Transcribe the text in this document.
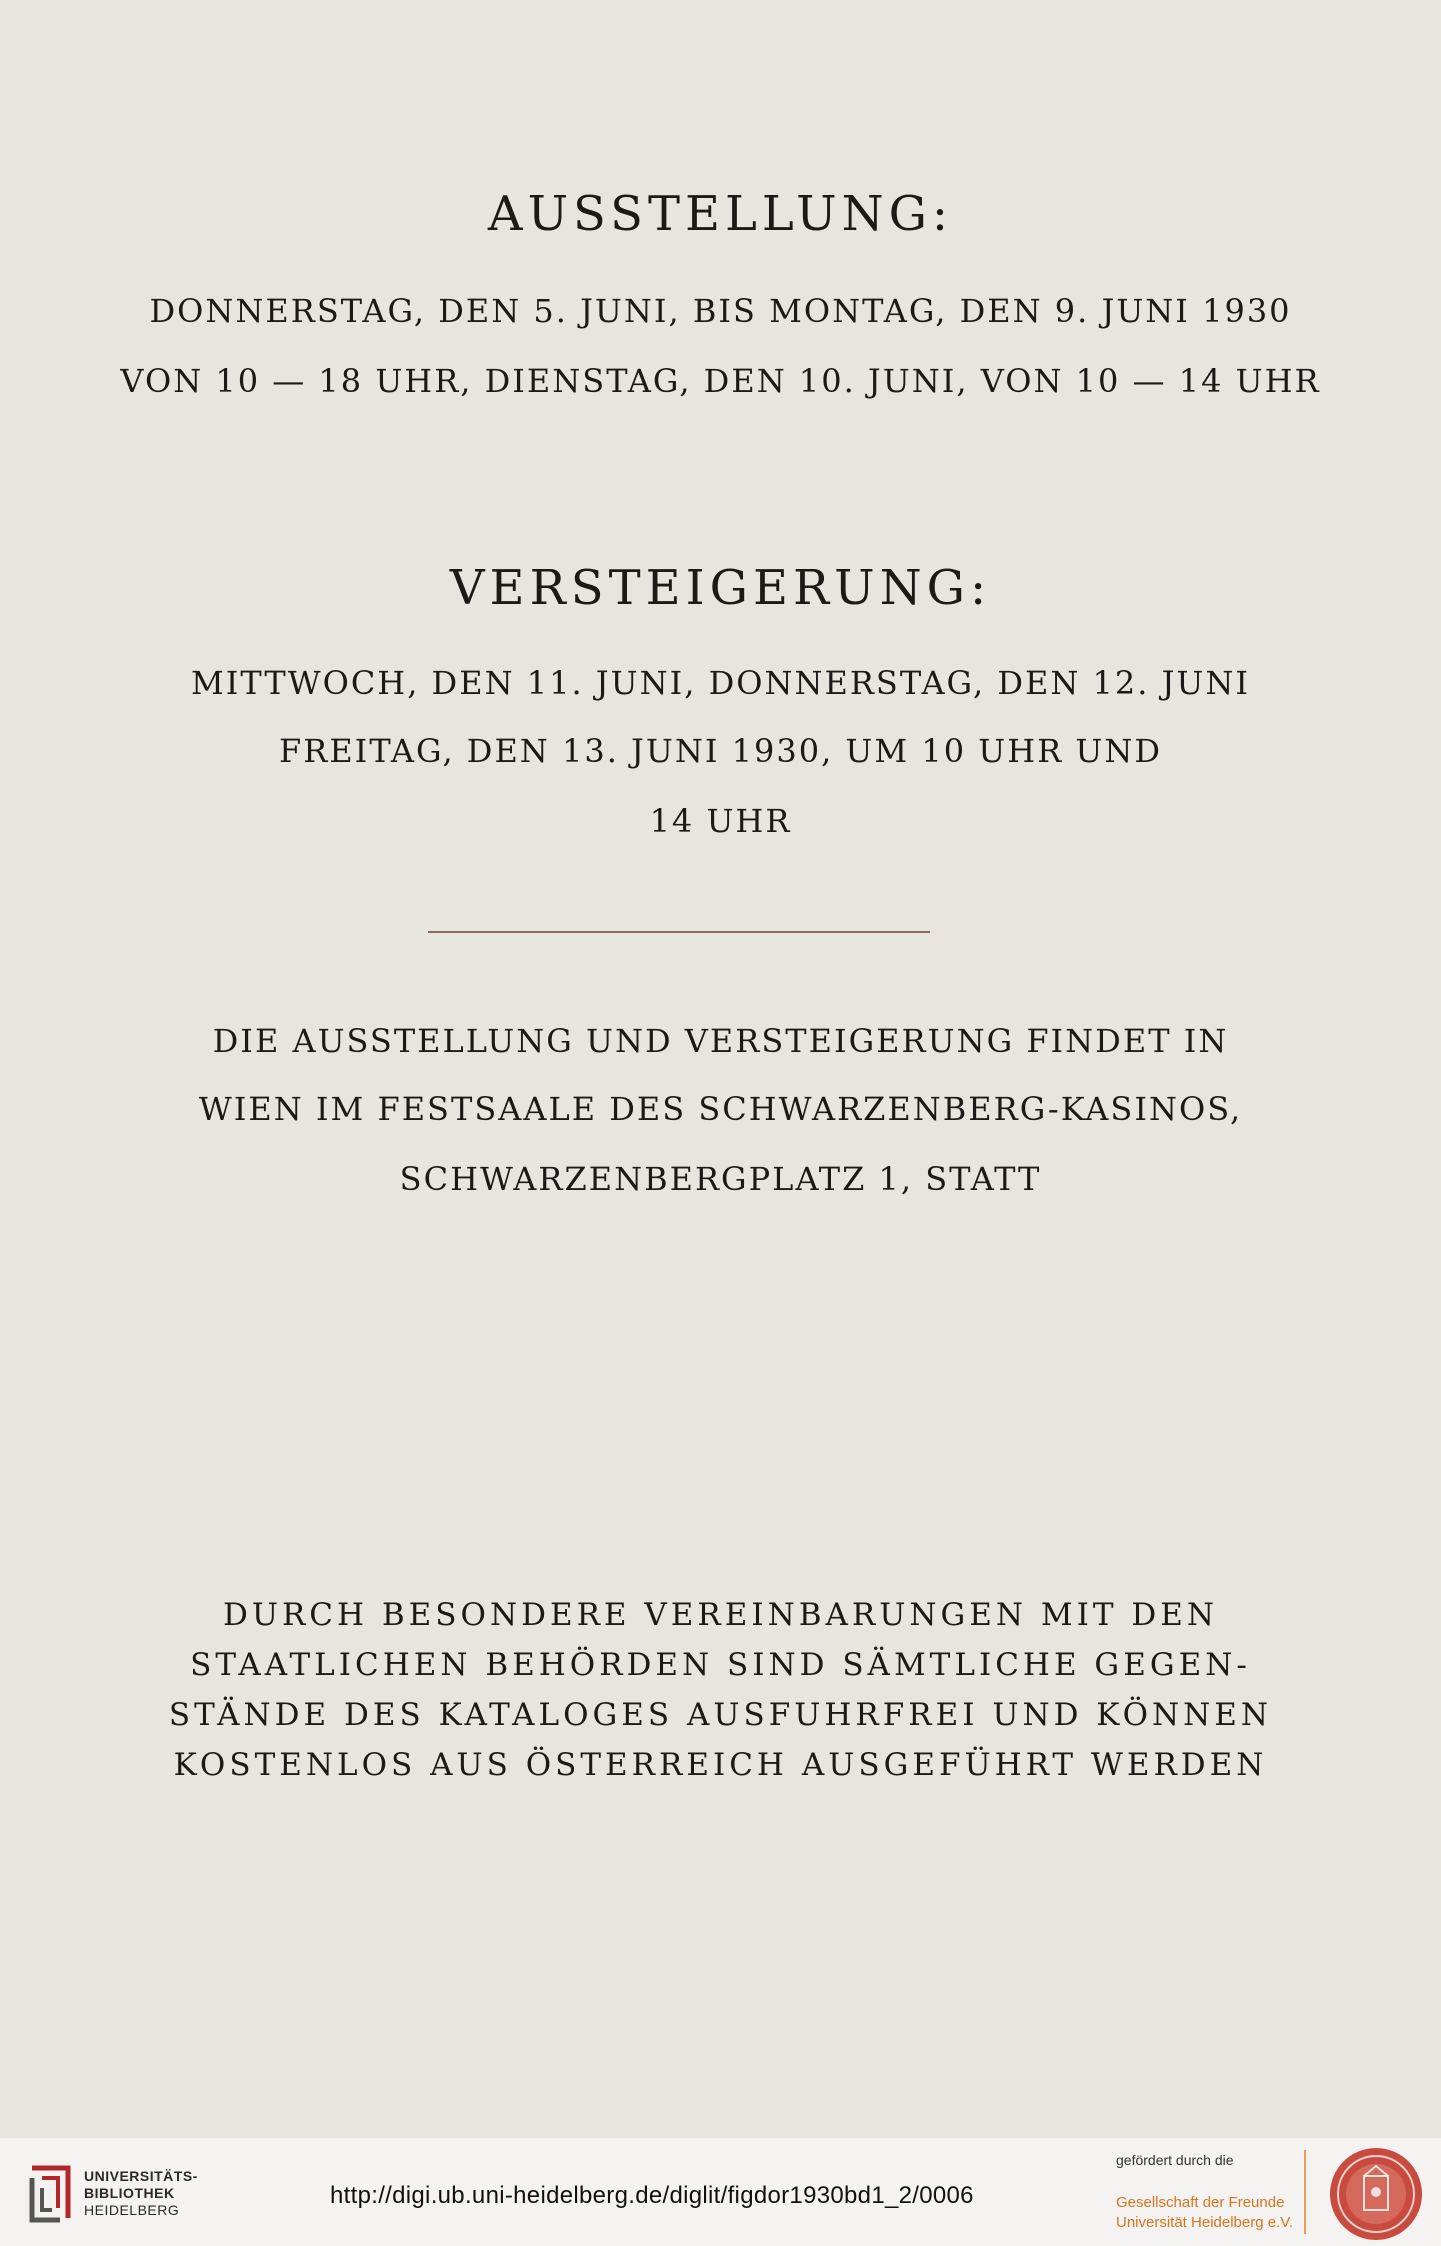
AUSSTELLUNG:
DONNERSTAG, DEN 5. JUNI, BIS MONTAG, DEN 9. JUNI 1930
VON 10 — 18 UHR, DIENSTAG, DEN 10. JUNI, VON 10 — 14 UHR
VERSTEIGERUNG:
MITTWOCH, DEN 11. JUNI, DONNERSTAG, DEN 12. JUNI
FREITAG, DEN 13. JUNI 1930, UM 10 UHR UND
14 UHR
DIE AUSSTELLUNG UND VERSTEIGERUNG FINDET IN
WIEN IM FESTSAALE DES SCHWARZENBERG-KASINOS,
SCHWARZENBERGPLATZ 1, STATT
DURCH BESONDERE VEREINBARUNGEN MIT DEN
STAATLICHEN BEHÖRDEN SIND SÄMTLICHE GEGEN-
STÄNDE DES KATALOGES AUSFUHRFREI UND KÖNNEN
KOSTENLOS AUS ÖSTERREICH AUSGEFÜHRT WERDEN
UNIVERSITÄTS-
BIBLIOTHEK
HEIDELBERG
http://digi.ub.uni-heidelberg.de/diglit/figdor1930bd1_2/0006
gefördert durch die
Gesellschaft der Freunde
Universität Heidelberg e.V.
